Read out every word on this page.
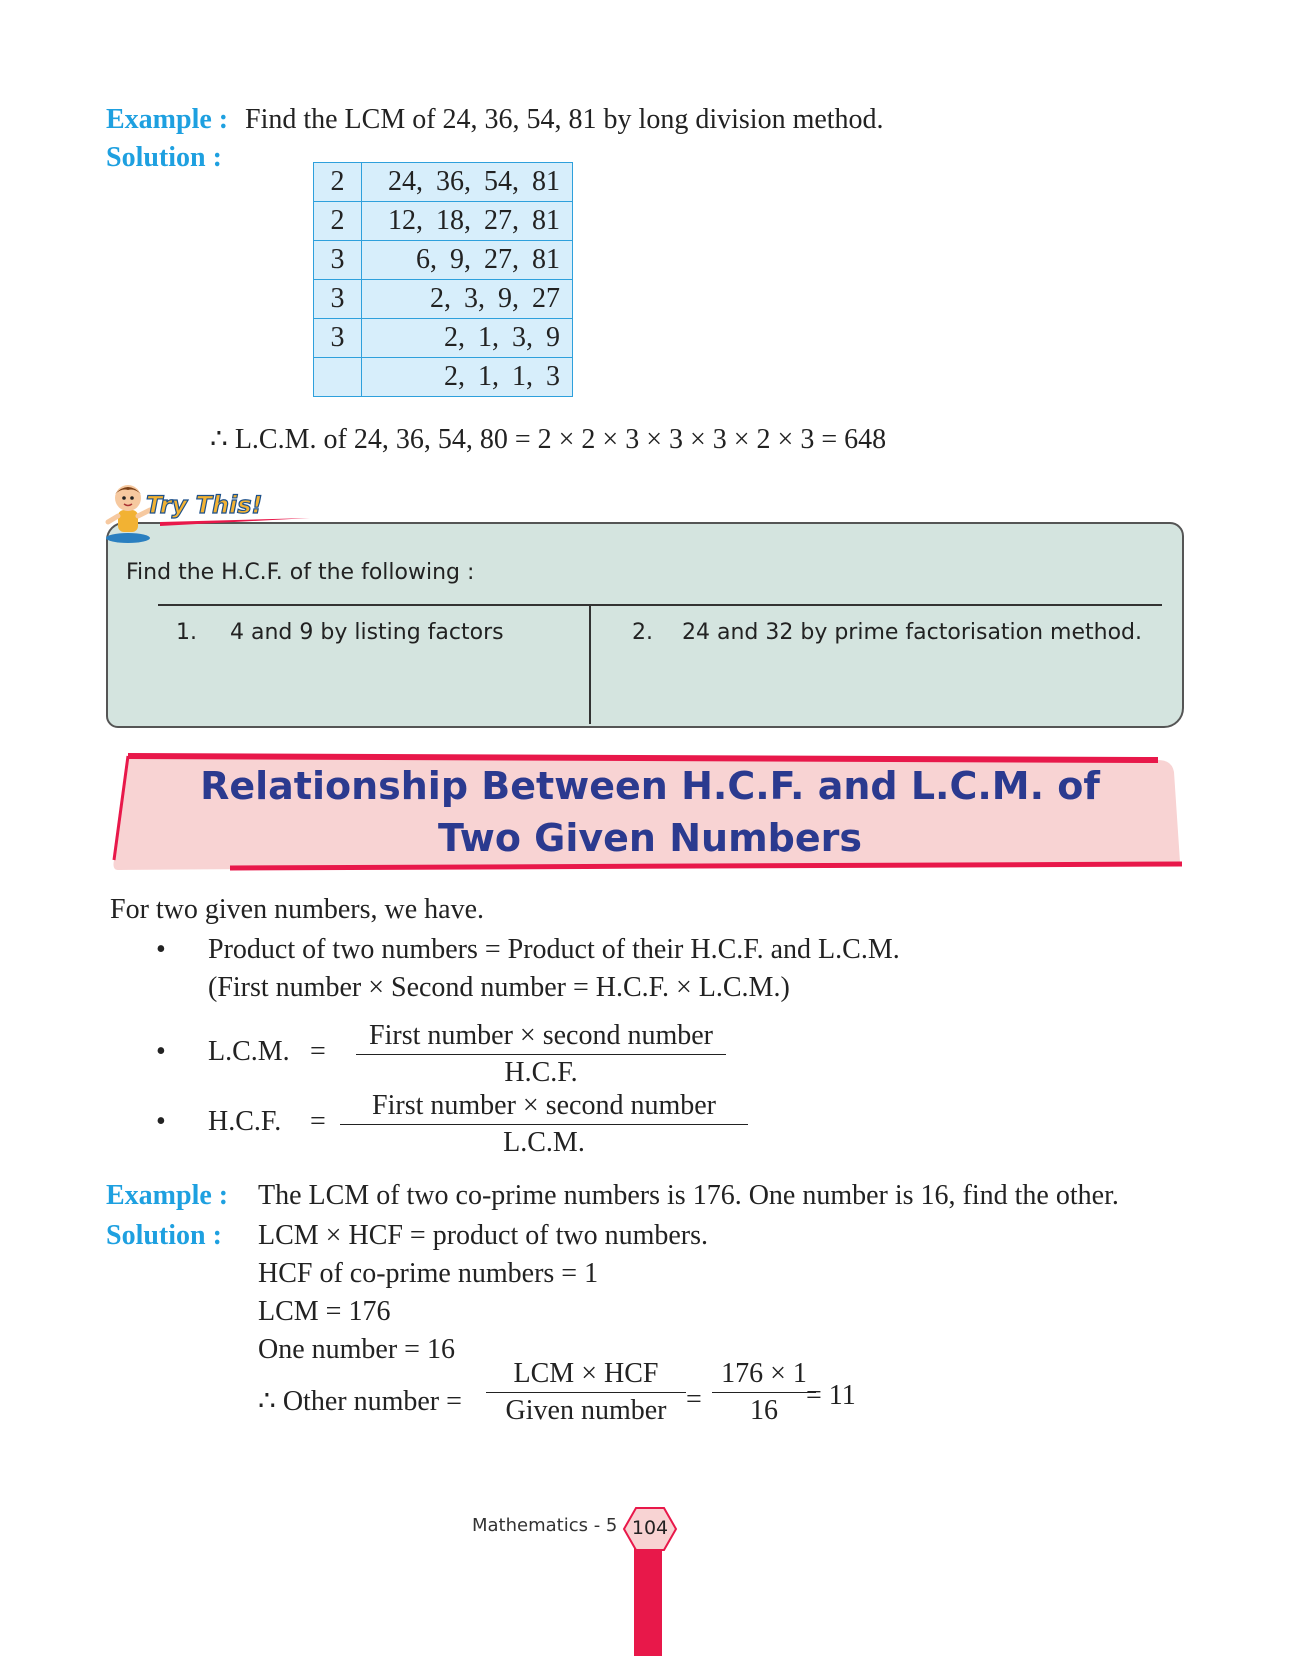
Example : Find the LCM of 24, 36, 54, 81 by long division method.
Solution :
2	24, 36, 54, 81
2	12, 18, 27, 81
3	6, 9, 27, 81
3	2, 3, 9, 27
3	2, 1, 3, 9
	2, 1, 1, 3
∴ L.C.M. of 24, 36, 54, 80 = 2 × 2 × 3 × 3 × 3 × 2 × 3 = 648
Find the H.C.F. of the following :
1. 4 and 9 by listing factors	2. 24 and 32 by prime factorisation method.
Try This!
Relationship Between H.C.F. and L.C.M. of
Two Given Numbers
For two given numbers, we have.
• Product of two numbers = Product of their H.C.F. and L.C.M.
(First number × Second number = H.C.F. × L.C.M.)
• L.C.M. =
First number × second number
H.C.F.
• H.C.F. =
First number × second number
L.C.M.
Example : The LCM of two co-prime numbers is 176. One number is 16, find the other.
Solution : LCM × HCF = product of two numbers.
HCF of co-prime numbers = 1
LCM = 176
One number = 16
∴ Other number =
LCM × HCF
Given number = $\frac{176 \times 1}{16}$
= 11
Mathematics - 5 104
